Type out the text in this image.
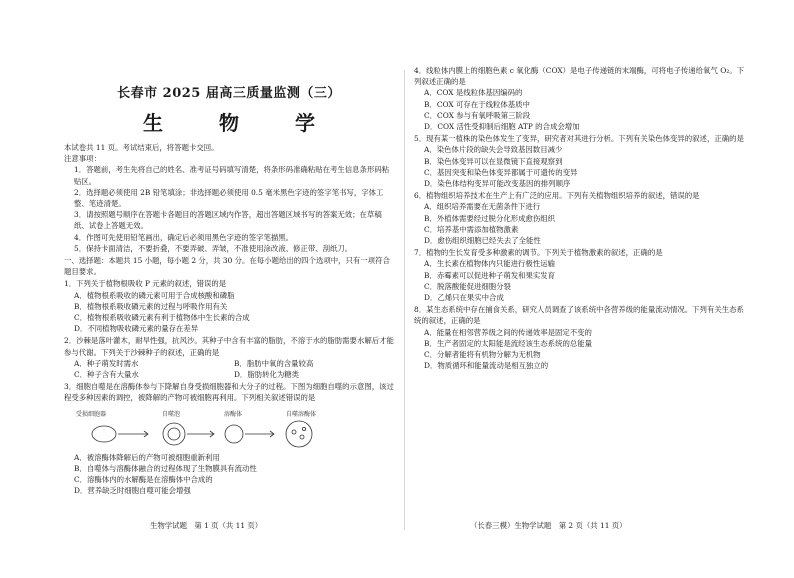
长春市 2025 届高三质量监测（三）
生　物　学

本试卷共 11 页。考试结束后，将答题卡交回。

注意事项：

1．答题前，考生先将自己的姓名、准考证号码填写清楚，将条形码准确粘贴在考生信息条形码粘贴区。

2．选择题必须使用 2B 铅笔填涂；非选择题必须使用 0.5 毫米黑色字迹的签字笔书写，字体工整、笔迹清楚。

3．请按照题号顺序在答题卡各题目的答题区域内作答，超出答题区域书写的答案无效；在草稿纸、试卷上答题无效。

4．作图可先使用铅笔画出，确定后必须用黑色字迹的签字笔描黑。

5．保持卡面清洁，不要折叠，不要弄破、弄皱，不准使用涂改液、修正带、刮纸刀。

一、选择题：本题共 15 小题，每小题 2 分，共 30 分。在每小题给出的四个选项中，只有一项符合题目要求。

1．下列关于植物根吸收 P 元素的叙述，错误的是

A．植物根系吸收的磷元素可用于合成核酸和磷脂

B．植物根系吸收磷元素的过程与呼吸作用有关

C．植物根系吸收磷元素有利于植物体中生长素的合成

D．不同植物吸收磷元素的量存在差异

2．沙棘是落叶灌木，耐旱性强，抗风沙。其种子中含有丰富的脂肪，不溶于水的脂肪需要水解后才能参与代谢。下列关于沙棘种子的叙述，正确的是

A．种子萌发时需水	B．脂肪中氧的含量较高

C．种子含有大量水	D．脂肪转化为糖类

3．细胞自噬是在溶酶体参与下降解自身受损细胞器和大分子的过程。下图为细胞自噬的示意图，该过程受多种因素的调控，被降解的产物可被细胞再利用。下列相关叙述错误的是

受损细胞器	自噬泡	溶酶体	自噬溶酶体

A．被溶酶体降解后的产物可被细胞重新利用

B．自噬体与溶酶体融合的过程体现了生物膜具有流动性

C．溶酶体内的水解酶是在溶酶体中合成的

D．营养缺乏时细胞自噬可能会增强

4．线粒体内膜上的细胞色素 c 氧化酶（COX）是电子传递链的末端酶，可将电子传递给氧气 O₂。下列叙述正确的是

A．COX 是线粒体基因编码的

B．COX 可存在于线粒体基质中

C．COX 参与有氧呼吸第三阶段

D．COX 活性受抑制后细胞 ATP 的合成会增加

5．现有某一植株的染色体发生了变异，研究者对其进行分析。下列有关染色体变异的叙述，正确的是

A．染色体片段的缺失会导致基因数目减少

B．染色体变异可以在显微镜下直接观察到

C．基因突变和染色体变异都属于可遗传的变异

D．染色体结构变异可能改变基因的排列顺序

6．植物组织培养技术在生产上有广泛的应用。下列有关植物组织培养的叙述，错误的是

A．组织培养需要在无菌条件下进行

B．外植体需要经过脱分化形成愈伤组织

C．培养基中需添加植物激素

D．愈伤组织细胞已经失去了全能性

7．植物的生长发育受多种激素的调节。下列关于植物激素的叙述，正确的是

A．生长素在植物体内只能进行极性运输

B．赤霉素可以促进种子萌发和果实发育

C．脱落酸能促进细胞分裂

D．乙烯只在果实中合成

8．某生态系统中存在捕食关系，研究人员调查了该系统中各营养级的能量流动情况。下列有关生态系统的叙述，正确的是

A．能量在相邻营养级之间的传递效率是固定不变的

B．生产者固定的太阳能是流经该生态系统的总能量

C．分解者能将有机物分解为无机物

D．物质循环和能量流动是相互独立的

生物学试题　第 1 页（共 11 页）	（长春三模）生物学试题　第 2 页（共 11 页）
